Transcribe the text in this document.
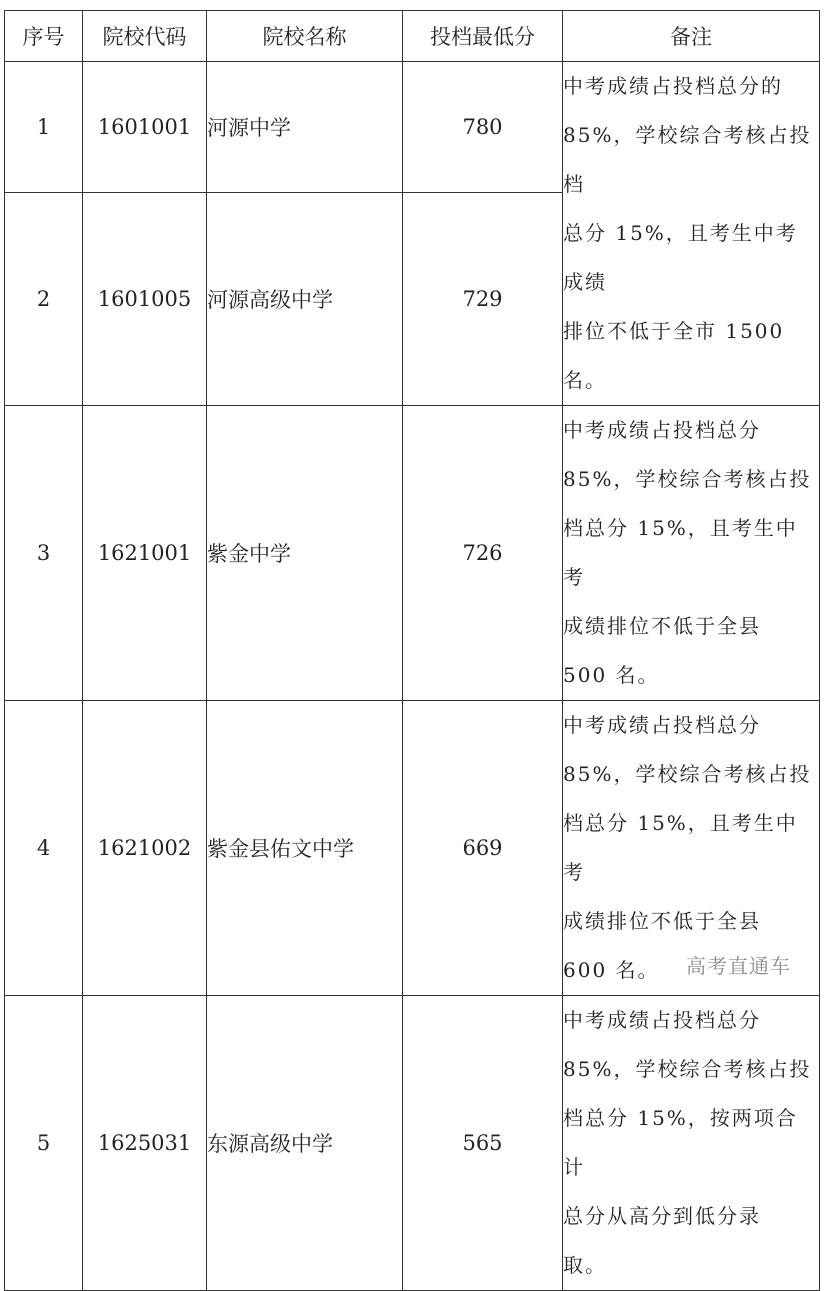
序号	院校代码	院校名称	投档最低分	备注
1	1601001	河源中学	780	中考成绩占投档总分的
85%，学校综合考核占投档
总分 15%，且考生中考成绩
排位不低于全市 1500 名。

2	1601005	河源高级中学	729	
3	1621001	紫金中学	726	中考成绩占投档总分
85%，学校综合考核占投
档总分 15%，且考生中考
成绩排位不低于全县
500 名。

4	1621002	紫金县佑文中学	669	中考成绩占投档总分
85%，学校综合考核占投
档总分 15%，且考生中考
成绩排位不低于全县
600 名。

5	1625031	东源高级中学	565	中考成绩占投档总分
85%，学校综合考核占投
档总分 15%，按两项合计
总分从高分到低分录
取。
高考直通车
